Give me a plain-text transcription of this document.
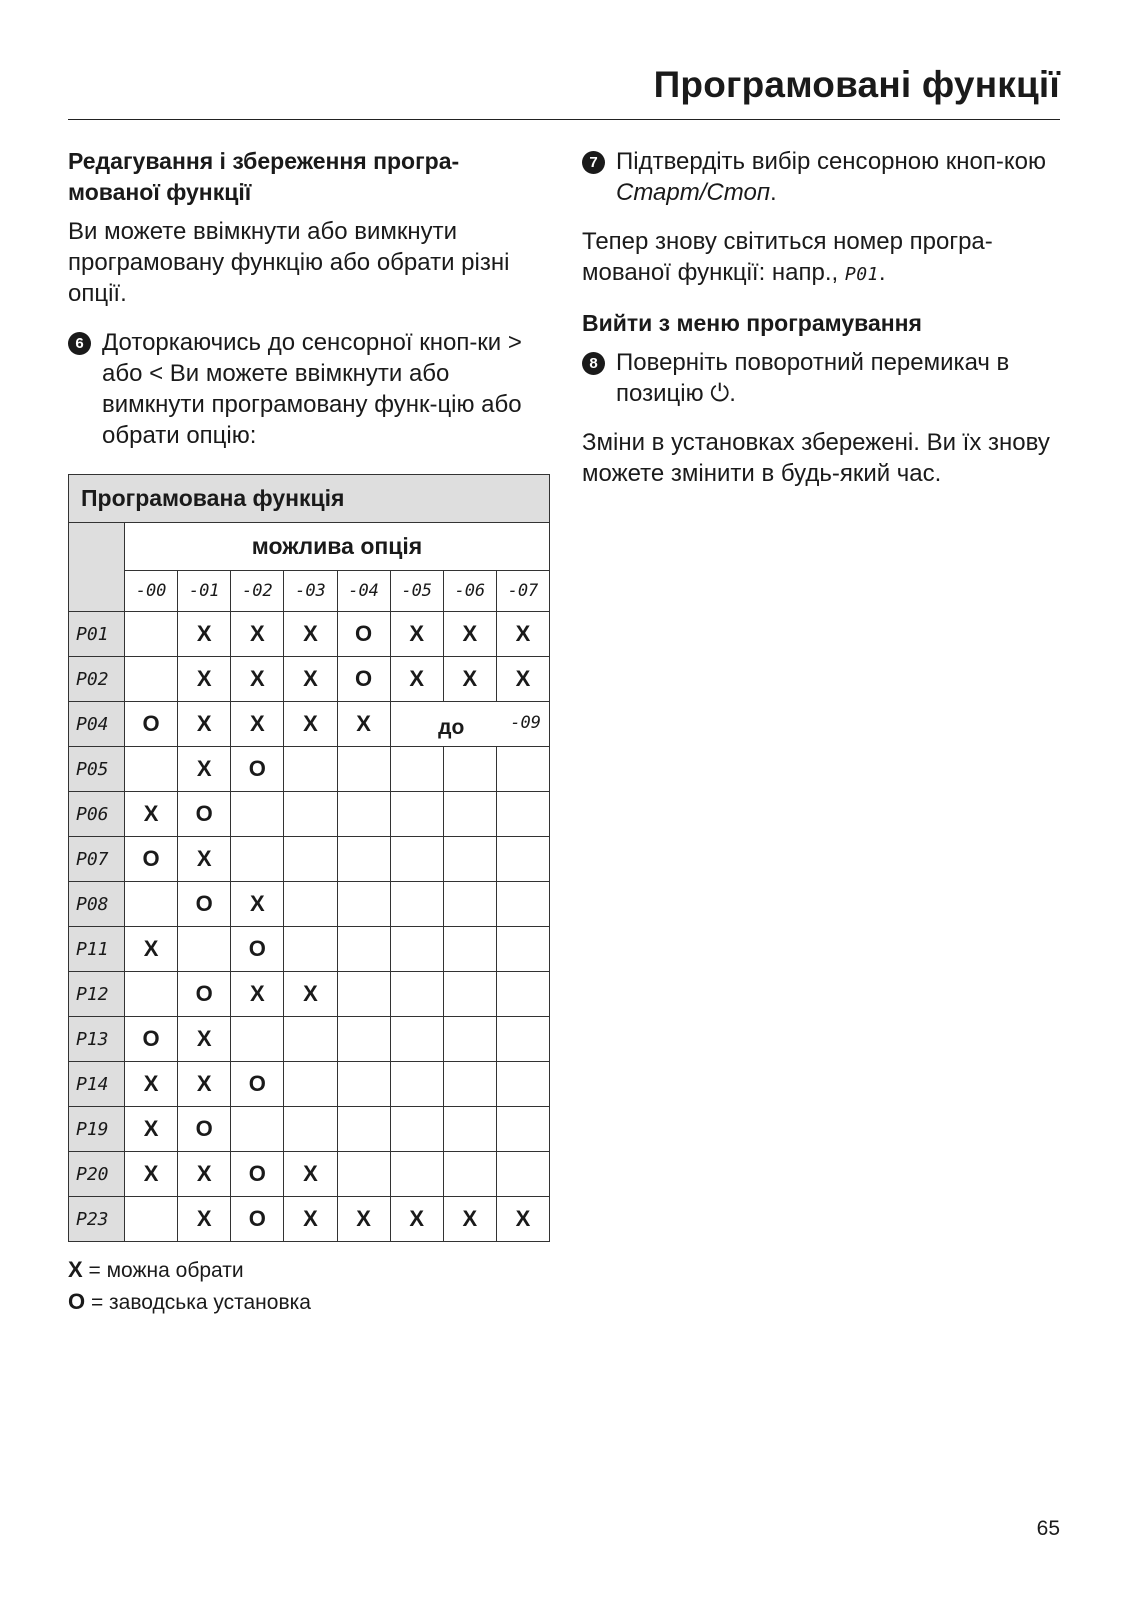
Програмовані функції
Редагування і збереження програ-мованої функції

Ви можете ввімкнути або вимкнути програмовану функцію або обрати різні опції.

6 Доторкаючись до сенсорної кноп-ки > або < Ви можете ввімкнути або вимкнути програмовану функ-цію або обрати опцію:
Програмована функція								
	можлива опція							
	-00	-01	-02	-03	-04	-05	-06	-07
P01		X	X	X	O	X	X	X
P02		X	X	X	O	X	X	X
P04	O	X	X	X	X	до -09		
P05		X	O					
P06	X	O						
P07	O	X						
P08		O	X					
P11	X		O					
P12		O	X	X				
P13	O	X						
P14	X	X	O					
P19	X	O						
P20	X	X	O	X				
P23		X	O	X	X	X	X	X
X = можна обрати
O = заводська установка
7 Підтвердіть вибір сенсорною кноп-кою Старт/Стоп.

Тепер знову світиться номер програ-мованої функції: напр., P01.

Вийти з меню програмування
8 Поверніть поворотний перемикач в позицію ⏻.

Зміни в установках збережені. Ви їх знову можете змінити в будь-який час.

65
